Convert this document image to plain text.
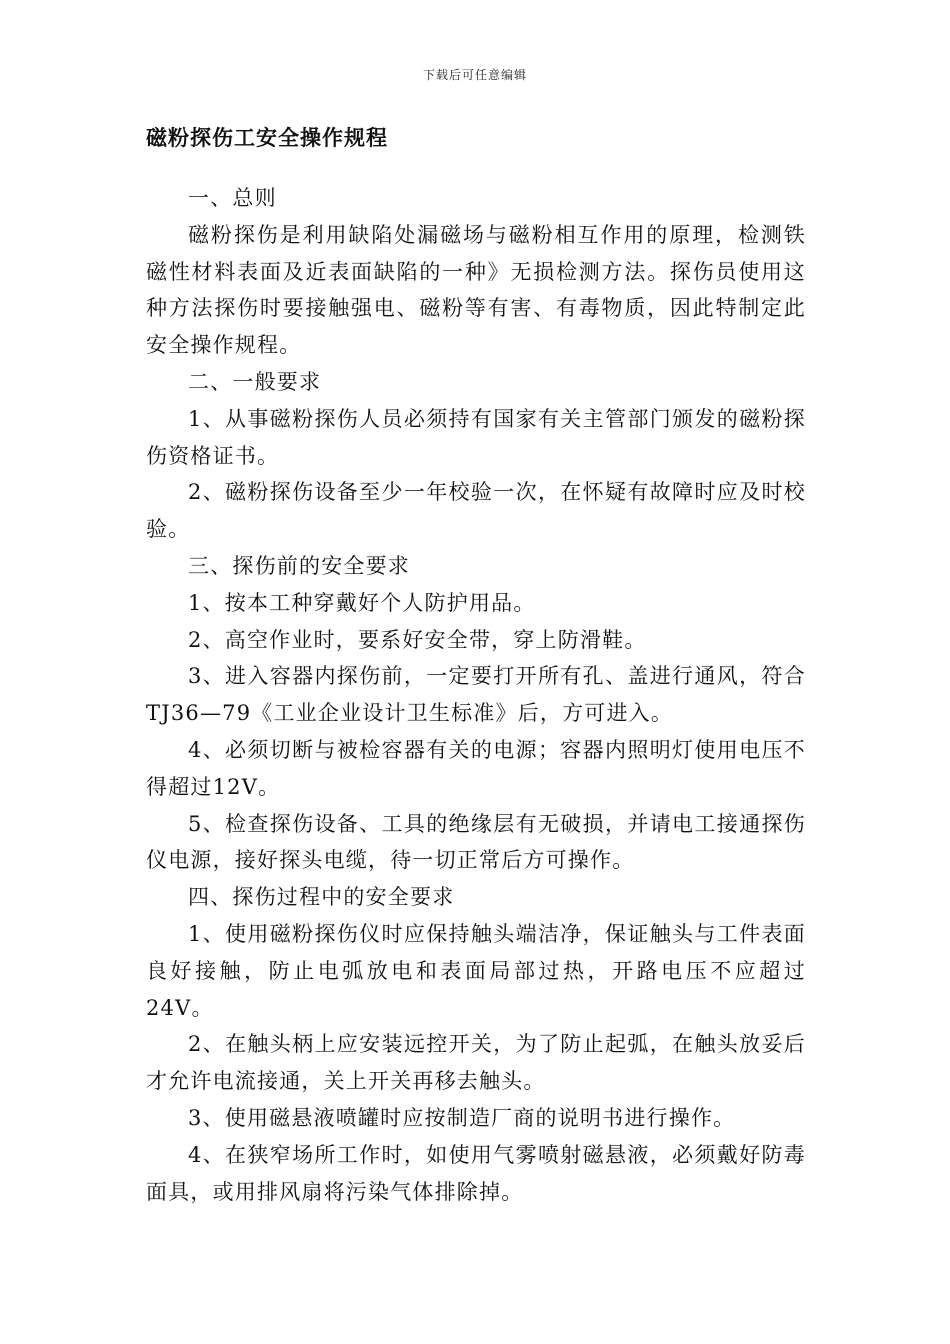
下载后可任意编辑
磁粉探伤工安全操作规程

一、总则

磁粉探伤是利用缺陷处漏磁场与磁粉相互作用的原理，检测铁磁性材料表面及近表面缺陷的一种》无损检测方法。探伤员使用这种方法探伤时要接触强电、磁粉等有害、有毒物质，因此特制定此安全操作规程。

二、一般要求

1、从事磁粉探伤人员必须持有国家有关主管部门颁发的磁粉探伤资格证书。

2、磁粉探伤设备至少一年校验一次，在怀疑有故障时应及时校验。

三、探伤前的安全要求

1、按本工种穿戴好个人防护用品。

2、高空作业时，要系好安全带，穿上防滑鞋。

3、进入容器内探伤前，一定要打开所有孔、盖进行通风，符合TJ36—79《工业企业设计卫生标准》后，方可进入。

4、必须切断与被检容器有关的电源；容器内照明灯使用电压不得超过12V。

5、检查探伤设备、工具的绝缘层有无破损，并请电工接通探伤仪电源，接好探头电缆，待一切正常后方可操作。

四、探伤过程中的安全要求

1、使用磁粉探伤仪时应保持触头端洁净，保证触头与工件表面良好接触，防止电弧放电和表面局部过热，开路电压不应超过24V。

2、在触头柄上应安装远控开关，为了防止起弧，在触头放妥后才允许电流接通，关上开关再移去触头。

3、使用磁悬液喷罐时应按制造厂商的说明书进行操作。

4、在狭窄场所工作时，如使用气雾喷射磁悬液，必须戴好防毒面具，或用排风扇将污染气体排除掉。
